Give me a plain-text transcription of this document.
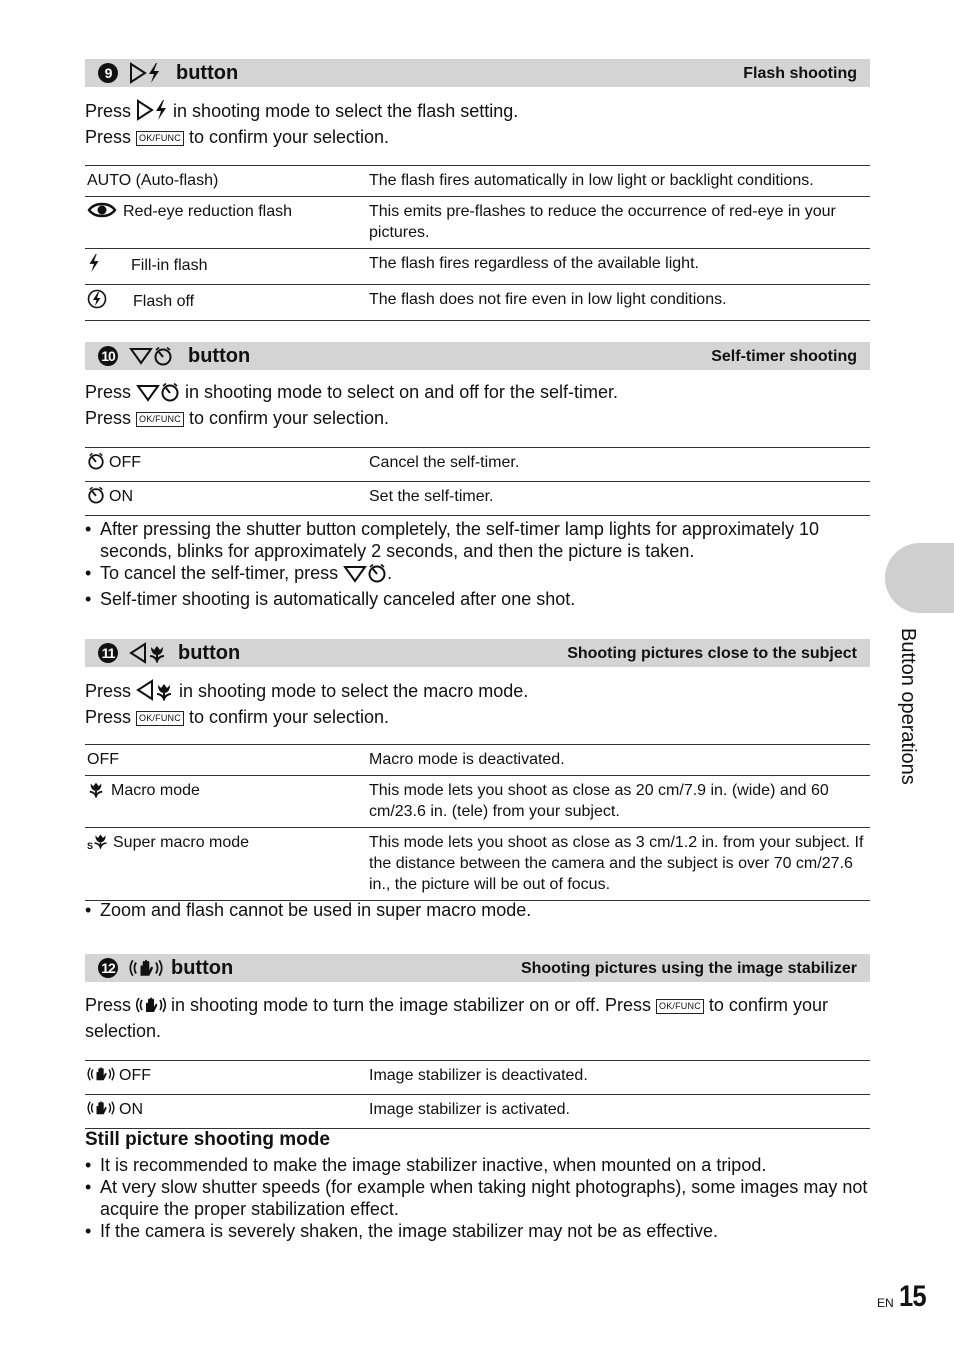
9	button	Flash shooting
Press in shooting mode to select the flash setting.
Press OK/FUNC to confirm your selection.
AUTO (Auto-flash)	The flash fires automatically in low light or backlight conditions.
Red-eye reduction flash	This emits pre-flashes to reduce the occurrence of red-eye in your pictures.
Fill-in flash	The flash fires regardless of the available light.
Flash off	The flash does not fire even in low light conditions.
10	button	Self-timer shooting
Press	in shooting mode to select on and off for the self-timer.
Press OK/FUNC to confirm your selection.
OFF	Cancel the self-timer.
ON	Set the self-timer.
• After pressing the shutter button completely, the self-timer lamp lights for approximately 10 seconds, blinks for approximately 2 seconds, and then the picture is taken.
• To cancel the self-timer, press	.
• Self-timer shooting is automatically canceled after one shot.
11	button	Shooting pictures close to the subject
Press	in shooting mode to select the macro mode.
Press OK/FUNC to confirm your selection.
OFF	Macro mode is deactivated.
Macro mode	This mode lets you shoot as close as 20 cm/7.9 in. (wide) and 60 cm/23.6 in. (tele) from your subject.

S Super macro mode	This mode lets you shoot as close as 3 cm/1.2 in. from your subject. If the distance between the camera and the subject is over 70 cm/27.6 in., the picture will be out of focus.
• Zoom and flash cannot be used in super macro mode.
12	button	Shooting pictures using the image stabilizer
Press in shooting mode to turn the image stabilizer on or off. Press OK/FUNC to confirm your selection.
OFF	Image stabilizer is deactivated.
ON	Image stabilizer is activated.
Still picture shooting mode
• It is recommended to make the image stabilizer inactive, when mounted on a tripod.
• At very slow shutter speeds (for example when taking night photographs), some images may not acquire the proper stabilization effect.
• If the camera is severely shaken, the image stabilizer may not be as effective.
Button operations
EN 15
